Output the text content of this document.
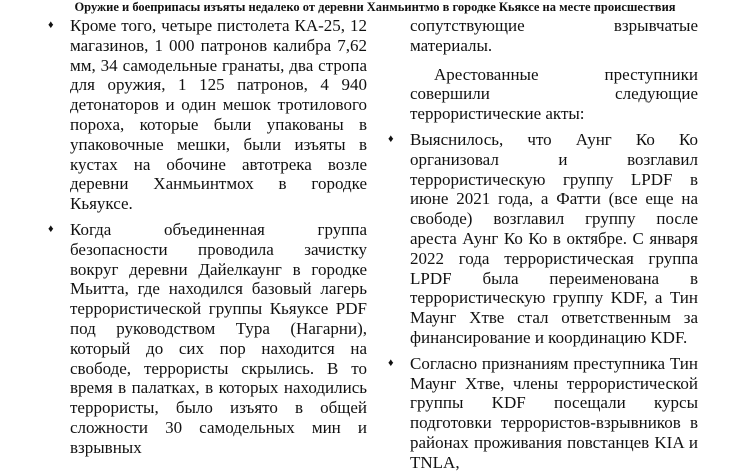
Оружие и боеприпасы изъяты недалеко от деревни Ханмьинтмо в городке Кьяксе на месте происшествия
♦ Кроме того, четыре пистолета КА-25, 12 магазинов, 1 000 патронов калибра 7,62 мм, 34 самодельные гранаты, два стропа для оружия, 1 125 патронов, 4 940 детонаторов и один мешок тротилового пороха, которые были упакованы в упаковочные мешки, были изъяты в кустах на обочине автотрека возле деревни Ханмьинтмох в городке Кьяуксе.
♦ Когда объединенная группа безопасности проводила зачистку вокруг деревни Дайелкаунг в городке Мьитта, где находился базовый лагерь террористической группы Кьяуксе PDF под руководством Тура (Нагарни), который до сих пор находится на свободе, террористы скрылись. В то время в палатках, в которых находились террористы, было изъято в общей сложности 30 самодельных мин и взрывных

сопутствующие взрывчатые материалы.

Арестованные преступники совершили следующие террористические акты:

♦ Выяснилось, что Аунг Ко Ко организовал и возглавил террористическую группу LPDF в июне 2021 года, а Фатти (все еще на свободе) возглавил группу после ареста Аунг Ко Ко в октябре. С января 2022 года террористическая группа LPDF была переименована в террористическую группу KDF, а Тин Маунг Хтве стал ответственным за финансирование и координацию KDF.
♦ Согласно признаниям преступника Тин Маунг Хтве, члены террористической группы KDF посещали курсы подготовки террористов-взрывников в районах проживания повстанцев KIA и TNLA,
